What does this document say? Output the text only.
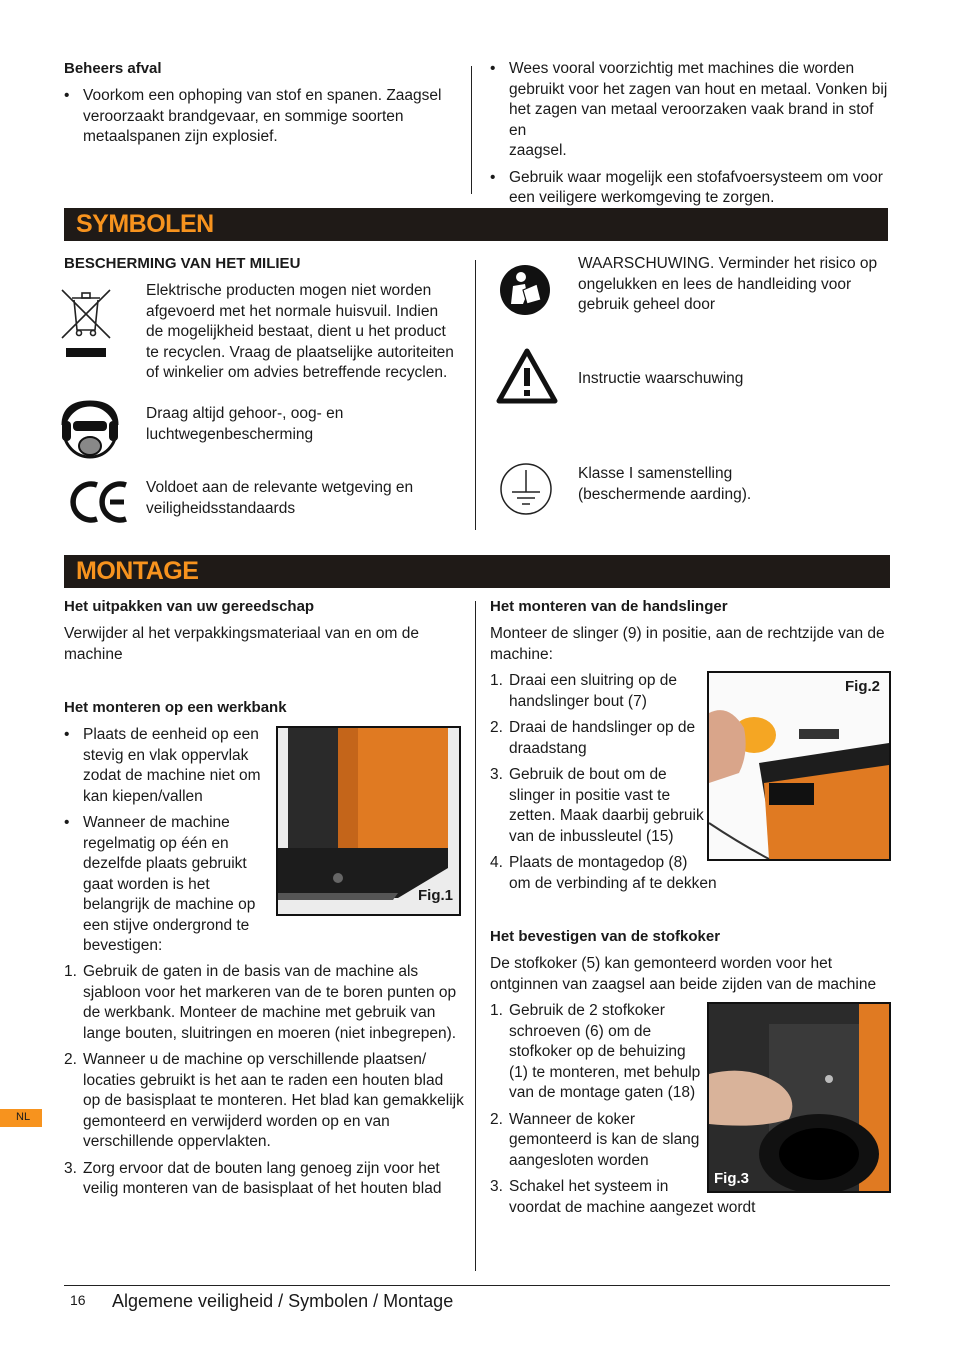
Beheers afval

• Voorkom een ophoping van stof en spanen. Zaagsel

veroorzaakt brandgevaar, en sommige soorten

metaalspanen zijn explosief.

• Wees vooral voorzichtig met machines die worden

gebruikt voor het zagen van hout en metaal. Vonken bij

het zagen van metaal veroorzaken vaak brand in stof en

zaagsel.

• Gebruik waar mogelijk een stofafvoersysteem om voor

een veiligere werkomgeving te zorgen.

SYMBOLEN

BESCHERMING VAN HET MILIEU

Elektrische producten mogen niet worden

afgevoerd met het normale huisvuil. Indien

de mogelijkheid bestaat, dient u het product

te recyclen. Vraag de plaatselijke autoriteiten

of winkelier om advies betreffende recyclen.

Draag altijd gehoor-, oog- en

luchtwegenbescherming

Voldoet aan de relevante wetgeving en

veiligheidsstandaards

WAARSCHUWING. Verminder het risico op

ongelukken en lees de handleiding voor

gebruik geheel door

Instructie waarschuwing

Klasse I samenstelling

(beschermende aarding).

MONTAGE

Het uitpakken van uw gereedschap

Verwijder al het verpakkingsmateriaal van en om de

machine

Het monteren op een werkbank

• Plaats de eenheid op een

stevig en vlak oppervlak

zodat de machine niet om

kan kiepen/vallen

• Wanneer de machine

regelmatig op één en

dezelfde plaats gebruikt

gaat worden is het

belangrijk de machine op

een stijve ondergrond te

bevestigen:

Fig.1
1. Gebruik de gaten in de basis van de machine als

sjabloon voor het markeren van de te boren punten op

de werkbank. Monteer de machine met gebruik van

lange bouten, sluitringen en moeren (niet inbegrepen).

2. Wanneer u de machine op verschillende plaatsen/

locaties gebruikt is het aan te raden een houten blad

op de basisplaat te monteren. Het blad kan gemakkelijk

gemonteerd en verwijderd worden op en van

verschillende oppervlakten.

3. Zorg ervoor dat de bouten lang genoeg zijn voor het

veilig monteren van de basisplaat of het houten blad

Het monteren van de handslinger

Monteer de slinger (9) in positie, aan de rechtzijde van de

machine:

1. Draai een sluitring op de

handslinger bout (7)

2. Draai de handslinger op de

draadstang

3. Gebruik de bout om de

slinger in positie vast te

zetten. Maak daarbij gebruik

van de inbussleutel (15)

4. Plaats de montagedop (8)

om de verbinding af te dekken

Fig.2

Het bevestigen van de stofkoker

De stofkoker (5) kan gemonteerd worden voor het

ontginnen van zaagsel aan beide zijden van de machine

1. Gebruik de 2 stofkoker

schroeven (6) om de

stofkoker op de behuizing

(1) te monteren, met behulp

van de montage gaten (18)

2. Wanneer de koker

gemonteerd is kan de slang

aangesloten worden

3. Schakel het systeem in

voordat de machine aangezet wordt

Fig.3
NL
16 Algemene veiligheid / Symbolen / Montage
